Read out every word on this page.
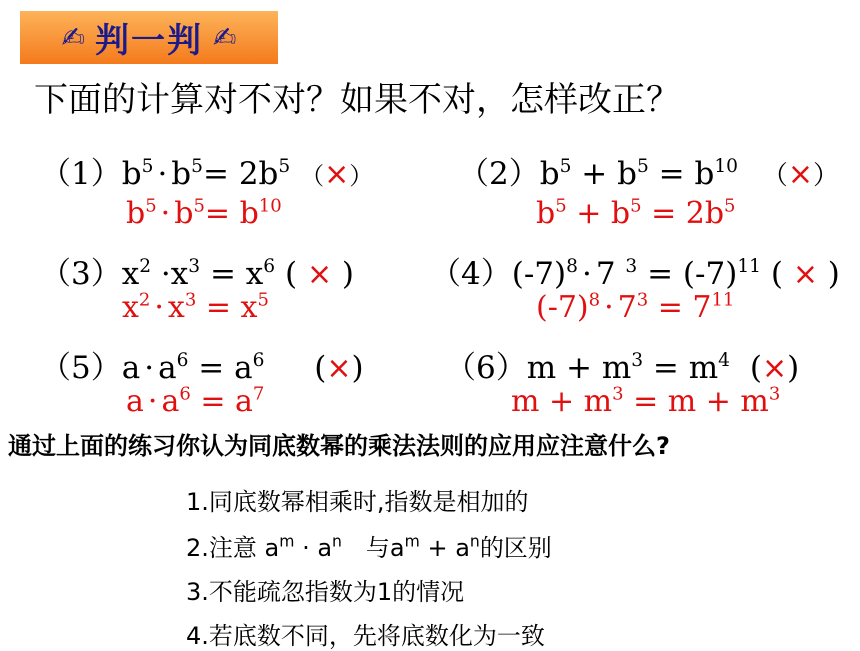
✍ 判一判 ✍
下面的计算对不对？如果不对，怎样改正？
$(1)b^5 \cdot b^5= 2b^5$ （×）
$b^5 \cdot b^5= b^{10}$
$(2)b^5 + b^5 = b^{10}$ （×）
$b^5 + b^5 = 2b^5$
$(3)x^2 \cdot x^3 = x^6$ ( × )
$x^2 \cdot x^3 = x^5$
$(4)(-7)^8 \cdot 7$ $^3 = (-7)^{11}$ ( × )
$(-7)^8 \cdot 7^3 = 7^{11}$
$(5)a \cdot a^6 = a^6$ (×)
$a \cdot a^6 = a^7$
$(6)m + m^3 = m^4$ (×)
$m + m^3 = m + m^3$
通过上面的练习你认为同底数幂的乘法法则的应用应注意什么?
1.同底数幂相乘时,指数是相加的
2.注意 $a^m \cdot a^n$　与$a^m + a^n$的区别
3.不能疏忽指数为1的情况
4.若底数不同，先将底数化为一致
